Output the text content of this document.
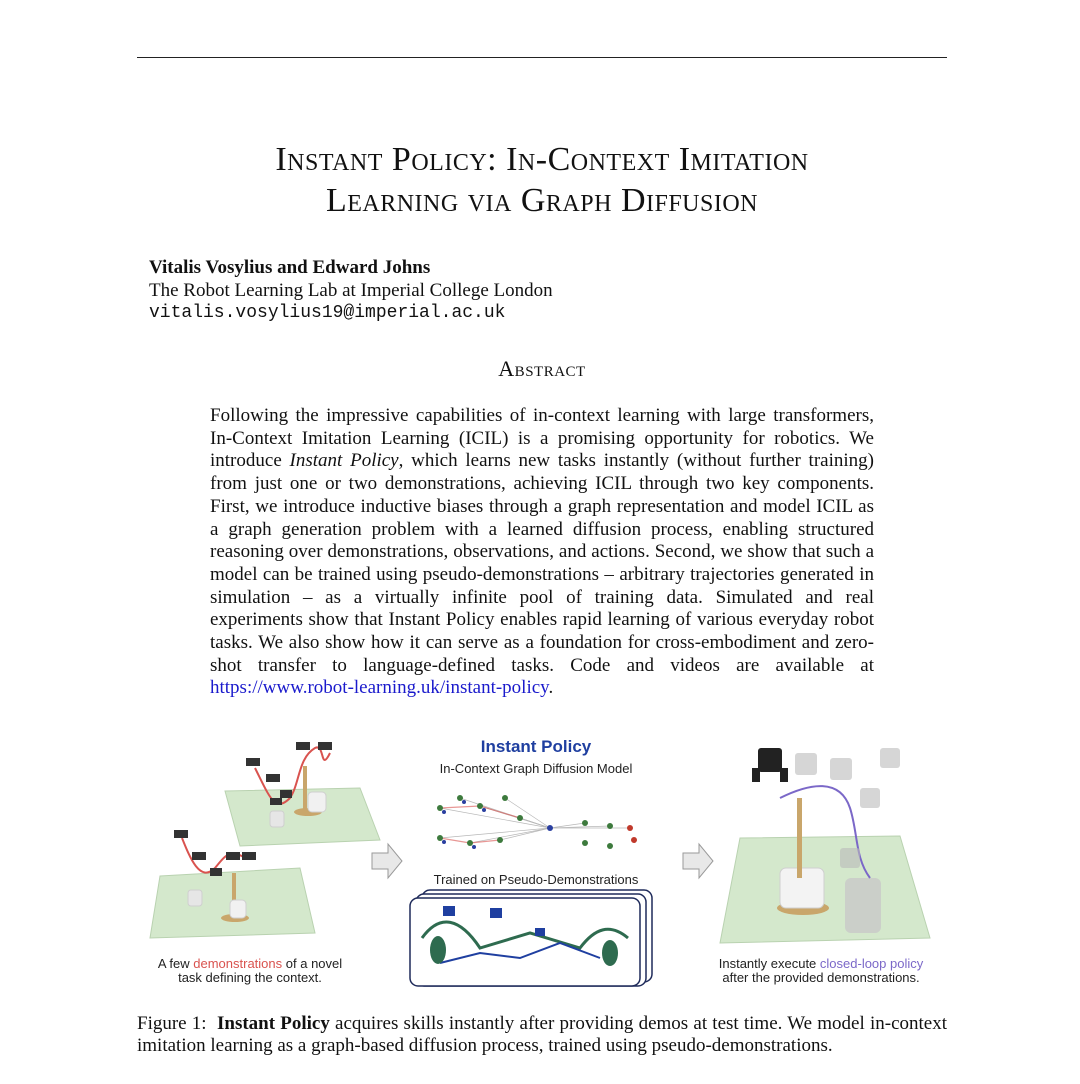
Instant Policy: In-Context Imitation
Learning via Graph Diffusion
Vitalis Vosylius and Edward Johns
The Robot Learning Lab at Imperial College London
vitalis.vosylius19@imperial.ac.uk
Abstract

Following the impressive capabilities of in-context learning with large transformers, In-Context Imitation Learning (ICIL) is a promising opportunity for robotics. We introduce Instant Policy, which learns new tasks instantly (without further training) from just one or two demonstrations, achieving ICIL through two key components. First, we introduce inductive biases through a graph representation and model ICIL as a graph generation problem with a learned diffusion process, enabling structured reasoning over demonstrations, observations, and actions. Second, we show that such a model can be trained using pseudo-demonstrations – arbitrary trajectories generated in simulation – as a virtually infinite pool of training data. Simulated and real experiments show that Instant Policy enables rapid learning of various everyday robot tasks. We also show how it can serve as a foundation for cross-embodiment and zero-shot transfer to language-defined tasks. Code and videos are available at https://www.robot-learning.uk/instant-policy.

A few demonstrations of a novel
task defining the context.
Instant Policy
In-Context Graph Diffusion Model
Trained on Pseudo-Demonstrations
Instantly execute closed-loop policy
after the provided demonstrations.
Figure 1: Instant Policy acquires skills instantly after providing demos at test time. We model in-context imitation learning as a graph-based diffusion process, trained using pseudo-demonstrations.
